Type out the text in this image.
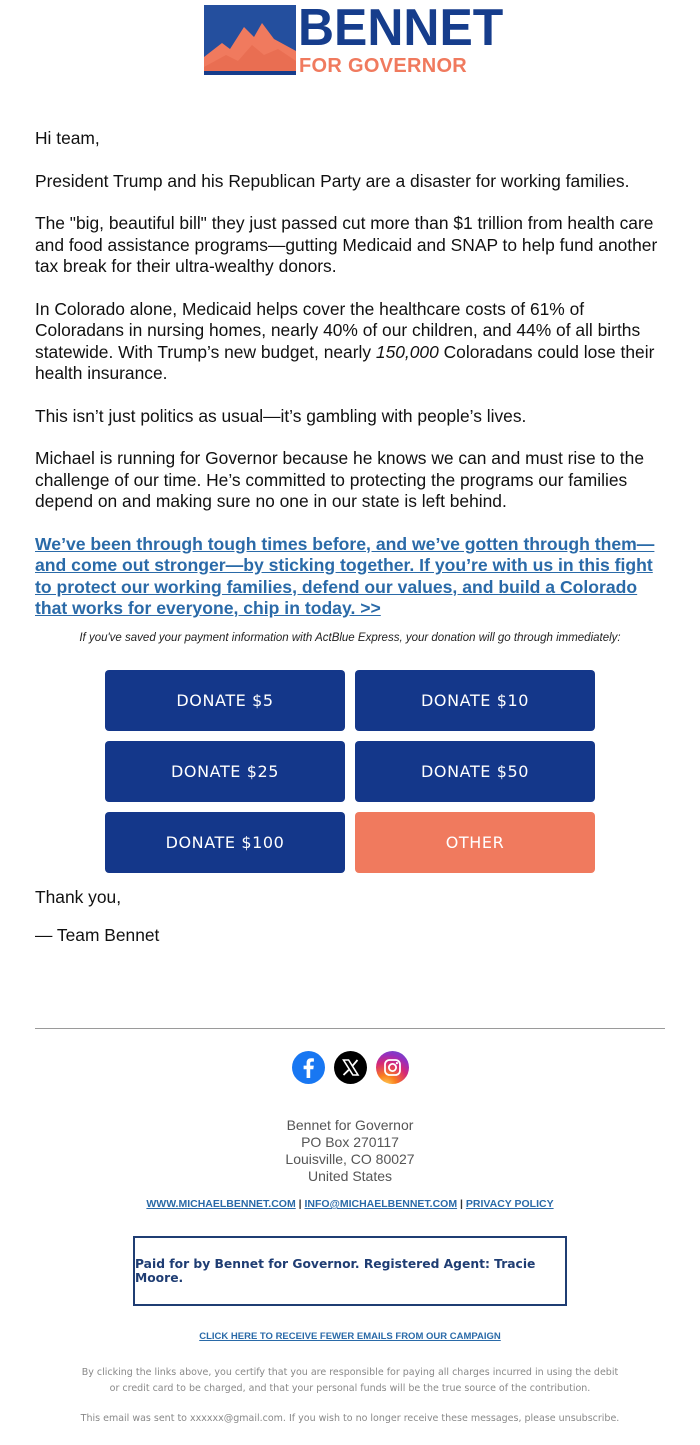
BENNET
FOR GOVERNOR

Hi team,

President Trump and his Republican Party are a disaster for working families.

The "big, beautiful bill" they just passed cut more than $1 trillion from health care and food assistance programs—gutting Medicaid and SNAP to help fund another tax break for their ultra-wealthy donors.

In Colorado alone, Medicaid helps cover the healthcare costs of 61% of Coloradans in nursing homes, nearly 40% of our children, and 44% of all births statewide. With Trump’s new budget, nearly 150,000 Coloradans could lose their health insurance.

This isn’t just politics as usual—it’s gambling with people’s lives.

Michael is running for Governor because he knows we can and must rise to the challenge of our time. He’s committed to protecting the programs our families depend on and making sure no one in our state is left behind.

We’ve been through tough times before, and we’ve gotten through them—and come out stronger—by sticking together. If you’re with us in this fight to protect our working families, defend our values, and build a Colorado that works for everyone, chip in today. >>
If you've saved your payment information with ActBlue Express, your donation will go through immediately:
DONATE $5	DONATE $10
DONATE $25	DONATE $50
DONATE $100	OTHER

Thank you,

— Team Bennet

Bennet for Governor
PO Box 270117
Louisville, CO 80027
United States
WWW.MICHAELBENNET.COM | INFO@MICHAELBENNET.COM | PRIVACY POLICY
Paid for by Bennet for Governor. Registered Agent: Tracie Moore.
CLICK HERE TO RECEIVE FEWER EMAILS FROM OUR CAMPAIGN
By clicking the links above, you certify that you are responsible for paying all charges incurred in using the debit or credit card to be charged, and that your personal funds will be the true source of the contribution.
This email was sent to xxxxxx@gmail.com. If you wish to no longer receive these messages, please unsubscribe.
